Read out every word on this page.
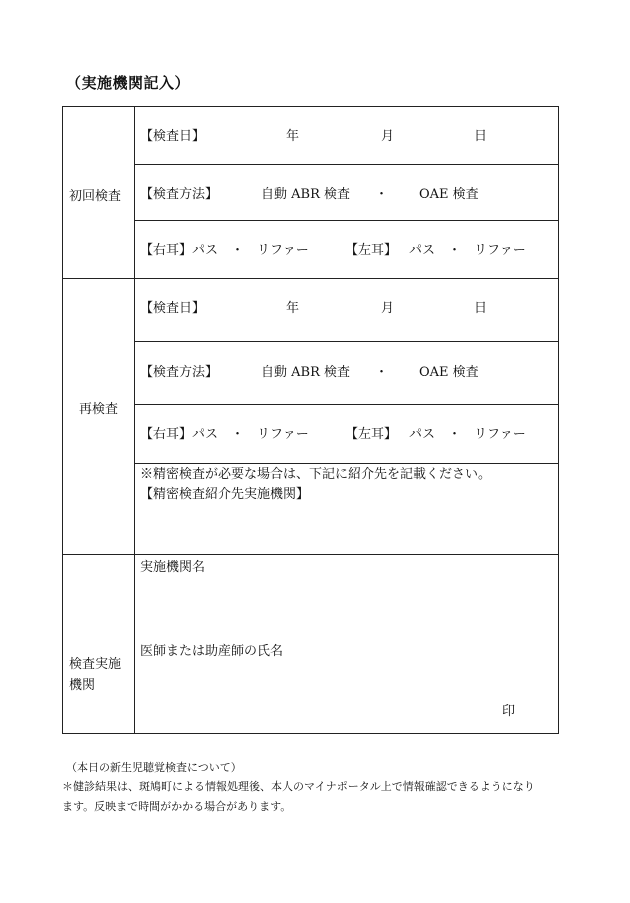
（実施機関記入）
初回検査
【検査日】	年	月	日
【検査方法】	自動 ABR 検査 ・ OAE 検査
【右耳】パス　・　リファー	【左耳】 パス　・　リファー
再検査
【検査日】	年	月	日
【検査方法】	自動 ABR 検査 ・ OAE 検査
【右耳】パス　・　リファー	【左耳】 パス　・　リファー
※精密検査が必要な場合は、下記に紹介先を記載ください。
【精密検査紹介先実施機関】
検査実施
機関
実施機関名
医師または助産師の氏名
印
（本日の新生児聴覚検査について）
＊健診結果は、斑鳩町による情報処理後、本人のマイナポータル上で情報確認できるようになり
ます。反映まで時間がかかる場合があります。
